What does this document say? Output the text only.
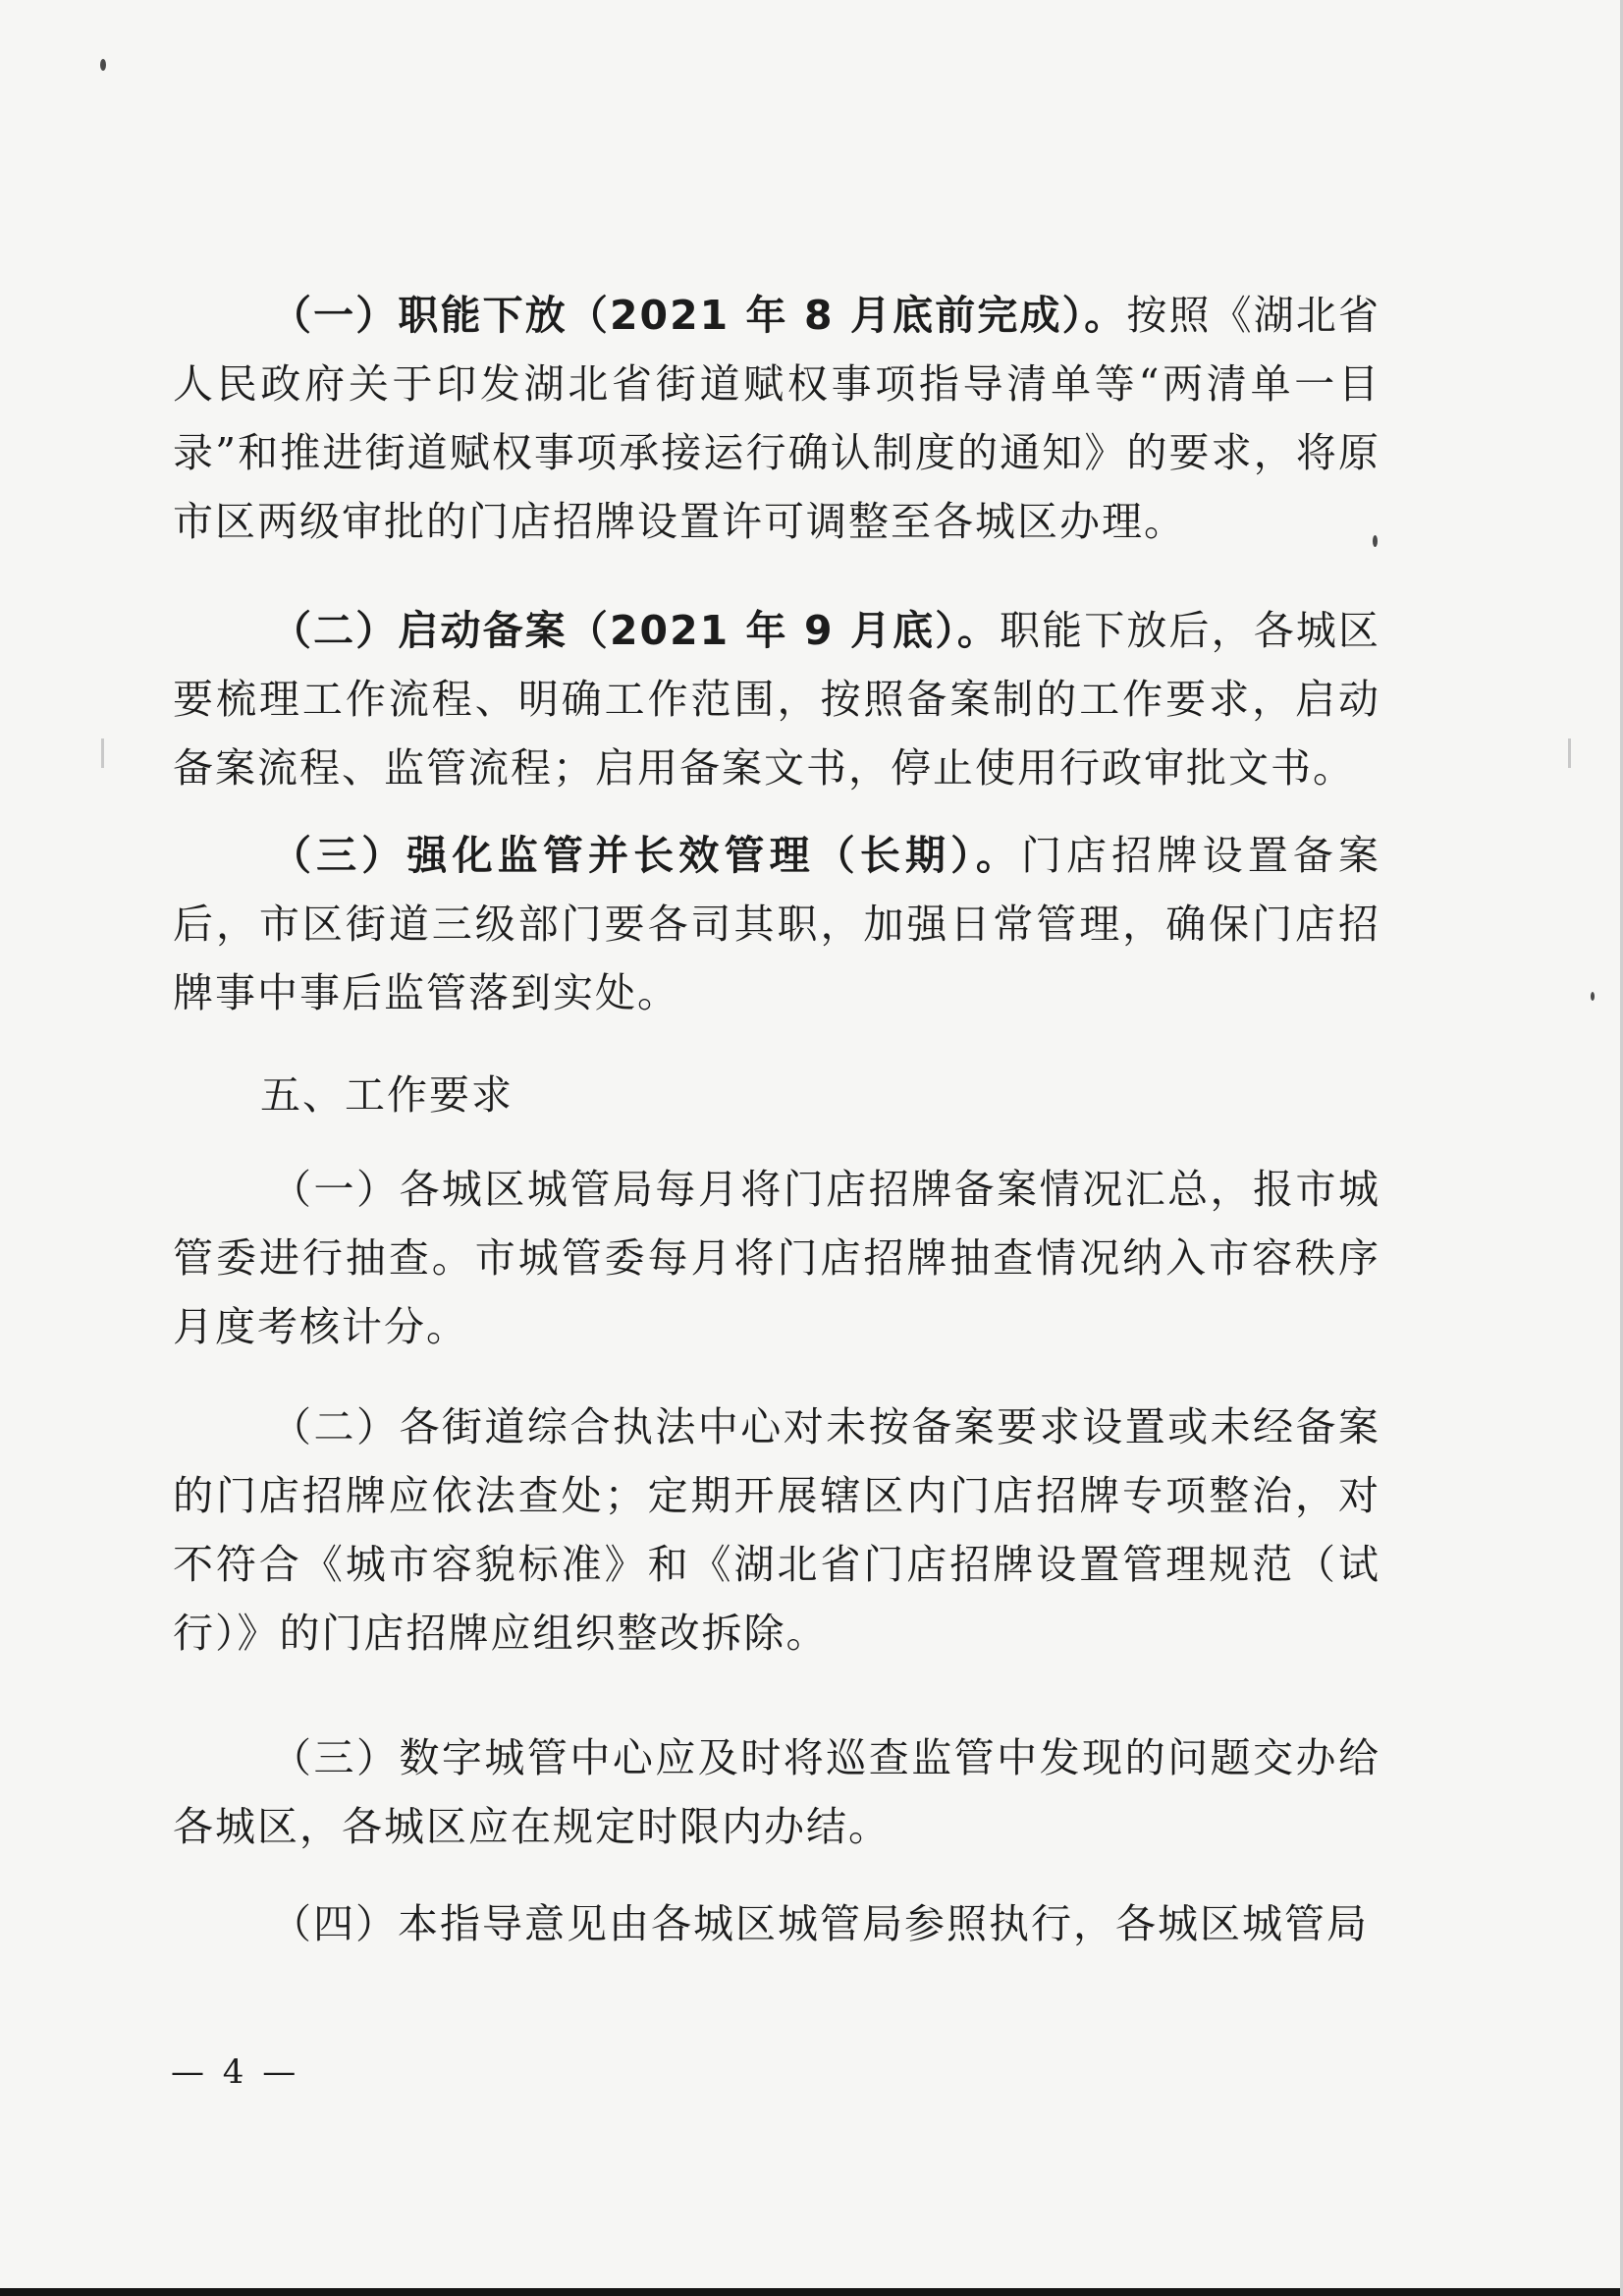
（一）职能下放（2021 年 8 月底前完成）。按照《湖北省人民政府关于印发湖北省街道赋权事项指导清单等“两清单一目录”和推进街道赋权事项承接运行确认制度的通知》的要求，将原市区两级审批的门店招牌设置许可调整至各城区办理。

（二）启动备案（2021 年 9 月底）。职能下放后，各城区要梳理工作流程、明确工作范围，按照备案制的工作要求，启动备案流程、监管流程；启用备案文书，停止使用行政审批文书。

（三）强化监管并长效管理（长期）。门店招牌设置备案后，市区街道三级部门要各司其职，加强日常管理，确保门店招牌事中事后监管落到实处。

五、工作要求

（一）各城区城管局每月将门店招牌备案情况汇总，报市城管委进行抽查。市城管委每月将门店招牌抽查情况纳入市容秩序月度考核计分。

（二）各街道综合执法中心对未按备案要求设置或未经备案的门店招牌应依法查处；定期开展辖区内门店招牌专项整治，对不符合《城市容貌标准》和《湖北省门店招牌设置管理规范（试行）》的门店招牌应组织整改拆除。

（三）数字城管中心应及时将巡查监管中发现的问题交办给各城区，各城区应在规定时限内办结。

（四）本指导意见由各城区城管局参照执行，各城区城管局

— 4 —
